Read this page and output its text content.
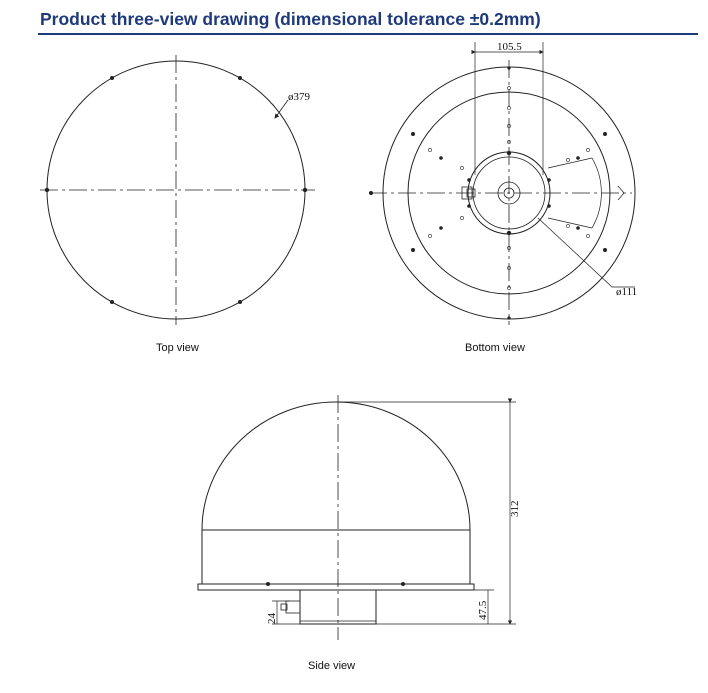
Product three-view drawing (dimensional tolerance ±0.2mm)
ø379
105.5
ø111
312
47.5
24
Top view	Bottom view
Side view
